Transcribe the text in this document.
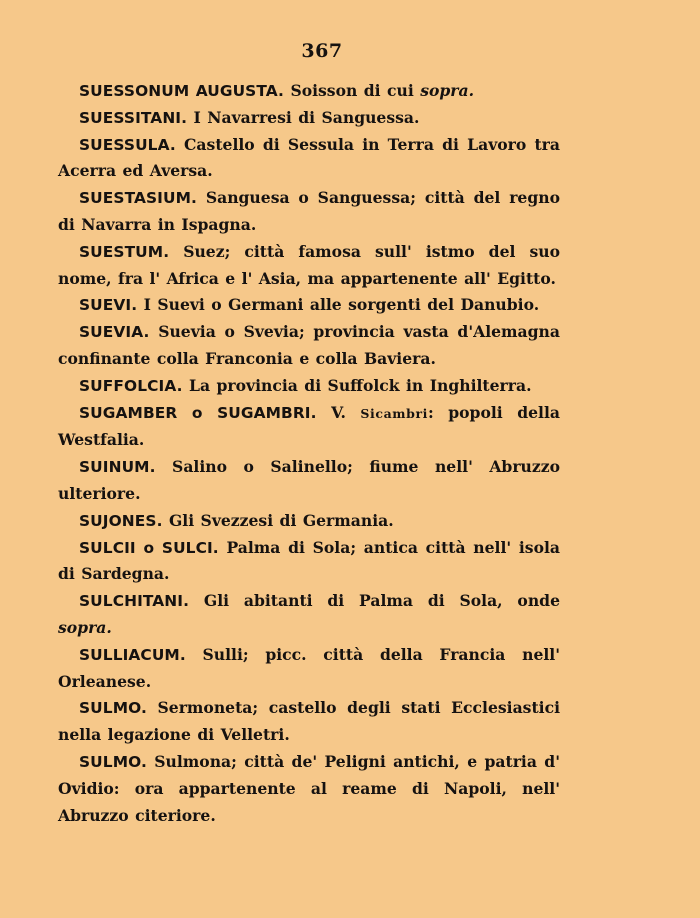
367

SUESSONUM AUGUSTA. Soisson di cui sopra.

SUESSITANI. I Navarresi di Sanguessa.

SUESSULA. Castello di Sessula in Terra di Lavoro tra Acerra ed Aversa.

SUESTASIUM. Sanguesa o Sanguessa; città del regno di Navarra in Ispagna.

SUESTUM. Suez; città famosa sull' istmo del suo nome, fra l' Africa e l' Asia, ma appartenente all' Egitto.

SUEVI. I Suevi o Germani alle sorgenti del Danubio.

SUEVIA. Suevia o Svevia; provincia vasta d'Alemagna confinante colla Franconia e colla Baviera.

SUFFOLCIA. La provincia di Suffolck in Inghilterra.

SUGAMBER o SUGAMBRI. V. Sicambri: popoli della Westfalia.

SUINUM. Salino o Salinello; fiume nell' Abruzzo ulteriore.

SUJONES. Gli Svezzesi di Germania.

SULCII o SULCI. Palma di Sola; antica città nell' isola di Sardegna.

SULCHITANI. Gli abitanti di Palma di Sola, onde sopra.

SULLIACUM. Sulli; picc. città della Francia nell' Orleanese.

SULMO. Sermoneta; castello degli stati Ecclesiastici nella legazione di Velletri.

SULMO. Sulmona; città de' Peligni antichi, e patria d' Ovidio: ora appartenente al reame di Napoli, nell' Abruzzo citeriore.
